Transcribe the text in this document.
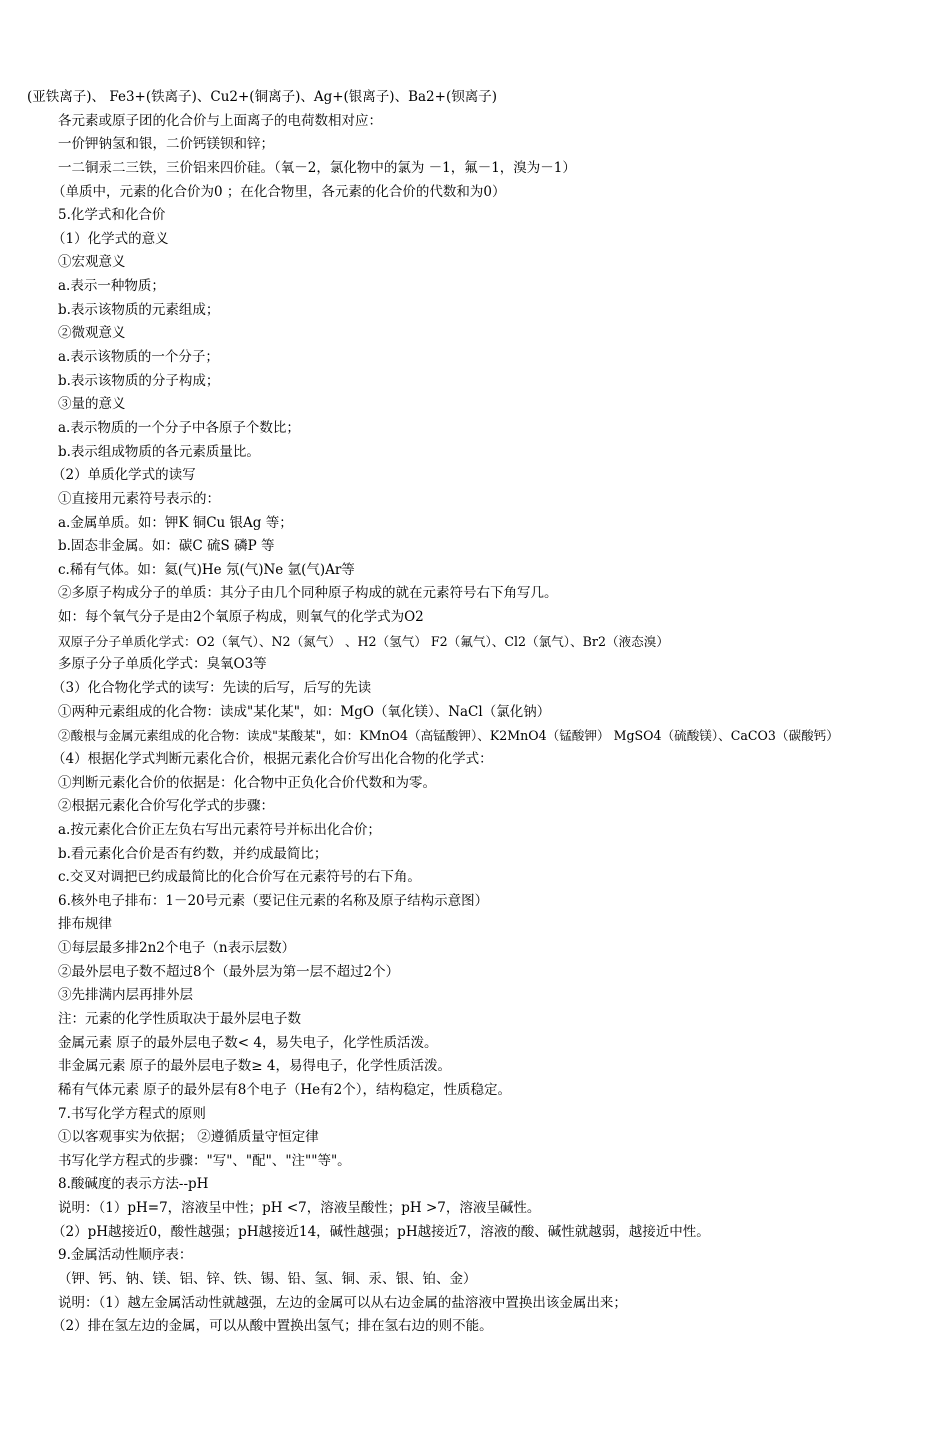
(亚铁离子)、 Fe3+(铁离子)、Cu2+(铜离子)、Ag+(银离子)、Ba2+(钡离子)
各元素或原子团的化合价与上面离子的电荷数相对应：
一价钾钠氢和银，二价钙镁钡和锌；
一二铜汞二三铁，三价铝来四价硅。（氧－2，氯化物中的氯为 －1，氟－1，溴为－1）
（单质中，元素的化合价为0 ；在化合物里，各元素的化合价的代数和为0）
5.化学式和化合价
（1）化学式的意义
①宏观意义
a.表示一种物质；
b.表示该物质的元素组成；
②微观意义
a.表示该物质的一个分子；
b.表示该物质的分子构成；
③量的意义
a.表示物质的一个分子中各原子个数比；
b.表示组成物质的各元素质量比。
（2）单质化学式的读写
①直接用元素符号表示的：
a.金属单质。如：钾K 铜Cu 银Ag 等；
b.固态非金属。如：碳C 硫S 磷P 等
c.稀有气体。如：氦(气)He 氖(气)Ne 氩(气)Ar等
②多原子构成分子的单质：其分子由几个同种原子构成的就在元素符号右下角写几。
如：每个氧气分子是由2个氧原子构成，则氧气的化学式为O2
双原子分子单质化学式：O2（氧气）、N2（氮气） 、H2（氢气） F2（氟气）、Cl2（氯气）、Br2（液态溴）
多原子分子单质化学式：臭氧O3等
（3）化合物化学式的读写：先读的后写，后写的先读
①两种元素组成的化合物：读成"某化某"，如：MgO（氧化镁）、NaCl（氯化钠）
②酸根与金属元素组成的化合物：读成"某酸某"，如：KMnO4（高锰酸钾）、K2MnO4（锰酸钾） MgSO4（硫酸镁）、CaCO3（碳酸钙）
（4）根据化学式判断元素化合价，根据元素化合价写出化合物的化学式：
①判断元素化合价的依据是：化合物中正负化合价代数和为零。
②根据元素化合价写化学式的步骤：
a.按元素化合价正左负右写出元素符号并标出化合价；
b.看元素化合价是否有约数，并约成最简比；
c.交叉对调把已约成最简比的化合价写在元素符号的右下角。
6.核外电子排布：1－20号元素（要记住元素的名称及原子结构示意图）
排布规律
①每层最多排2n2个电子（n表示层数）
②最外层电子数不超过8个（最外层为第一层不超过2个）
③先排满内层再排外层
注：元素的化学性质取决于最外层电子数
金属元素 原子的最外层电子数< 4，易失电子，化学性质活泼。
非金属元素 原子的最外层电子数≥ 4，易得电子，化学性质活泼。
稀有气体元素 原子的最外层有8个电子（He有2个），结构稳定，性质稳定。
7.书写化学方程式的原则
①以客观事实为依据； ②遵循质量守恒定律
书写化学方程式的步骤："写"、"配"、"注""等"。
8.酸碱度的表示方法--pH
说明：（1）pH=7，溶液呈中性；pH <7，溶液呈酸性；pH >7，溶液呈碱性。
（2）pH越接近0，酸性越强；pH越接近14，碱性越强；pH越接近7，溶液的酸、碱性就越弱，越接近中性。
9.金属活动性顺序表：
（钾、钙、钠、镁、铝、锌、铁、锡、铅、氢、铜、汞、银、铂、金）
说明：（1）越左金属活动性就越强，左边的金属可以从右边金属的盐溶液中置换出该金属出来；
（2）排在氢左边的金属，可以从酸中置换出氢气；排在氢右边的则不能。
